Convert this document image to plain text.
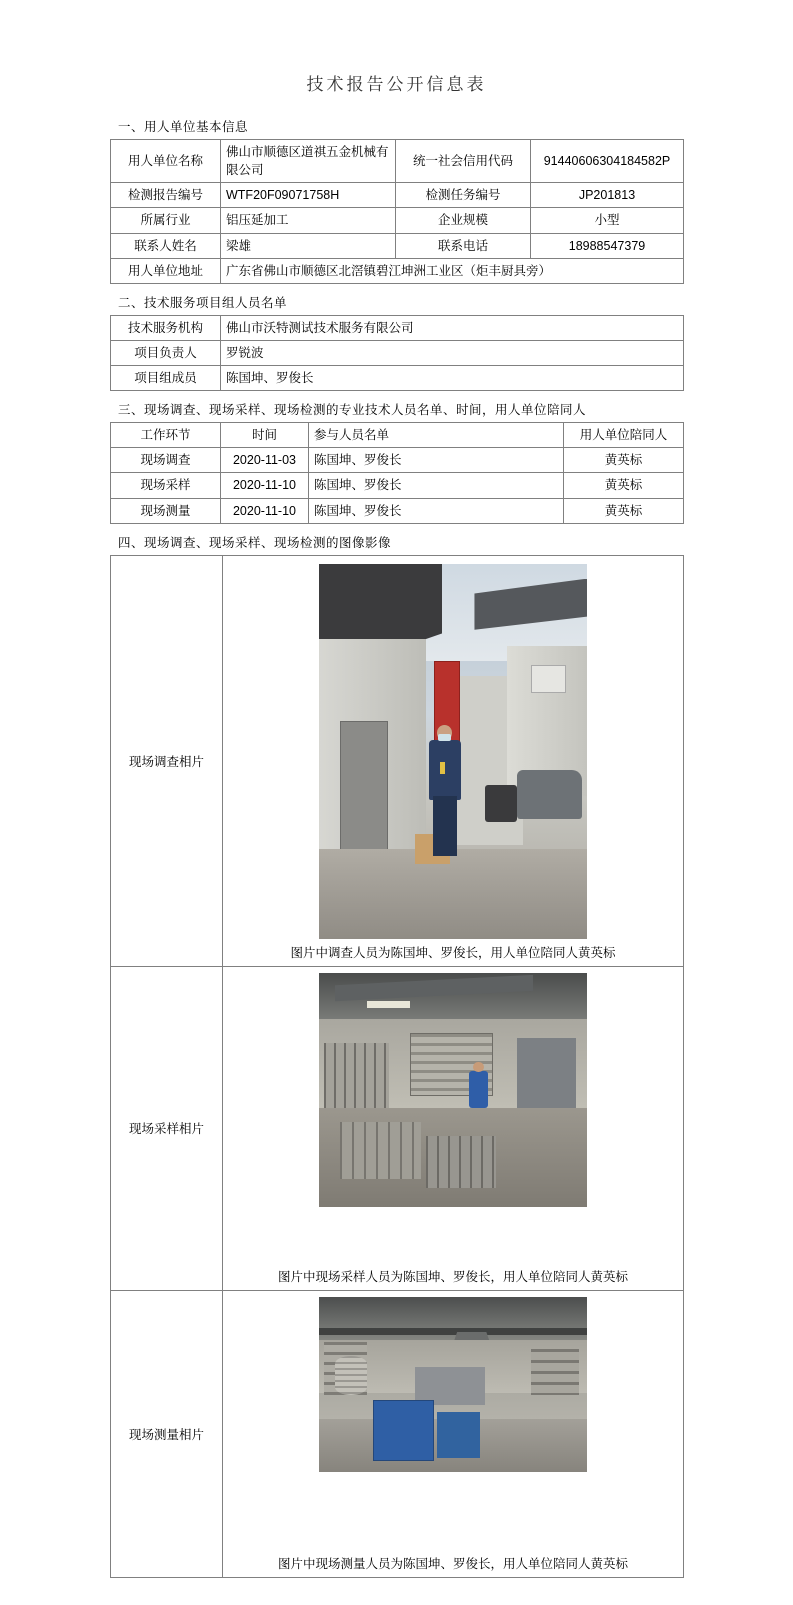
技术报告公开信息表
一、用人单位基本信息
用人单位名称	佛山市顺德区道祺五金机械有限公司	统一社会信用代码	91440606304184582P
检测报告编号	WTF20F09071758H	检测任务编号	JP201813
所属行业	铝压延加工	企业规模	小型
联系人姓名	梁雄	联系电话	18988547379
用人单位地址	广东省佛山市顺德区北滘镇碧江坤洲工业区（炬丰厨具旁）		
二、技术服务项目组人员名单
技术服务机构	佛山市沃特测试技术服务有限公司
项目负责人	罗锐波
项目组成员	陈国坤、罗俊长
三、现场调查、现场采样、现场检测的专业技术人员名单、时间，用人单位陪同人
工作环节	时间	参与人员名单	用人单位陪同人
现场调查	2020-11-03	陈国坤、罗俊长	黄英标
现场采样	2020-11-10	陈国坤、罗俊长	黄英标
现场测量	2020-11-10	陈国坤、罗俊长	黄英标
四、现场调查、现场采样、现场检测的图像影像
现场调查相片	图片中调查人员为陈国坤、罗俊长，用人单位陪同人黄英标

现场采样相片	图片中现场采样人员为陈国坤、罗俊长，用人单位陪同人黄英标

现场测量相片	图片中现场测量人员为陈国坤、罗俊长，用人单位陪同人黄英标
